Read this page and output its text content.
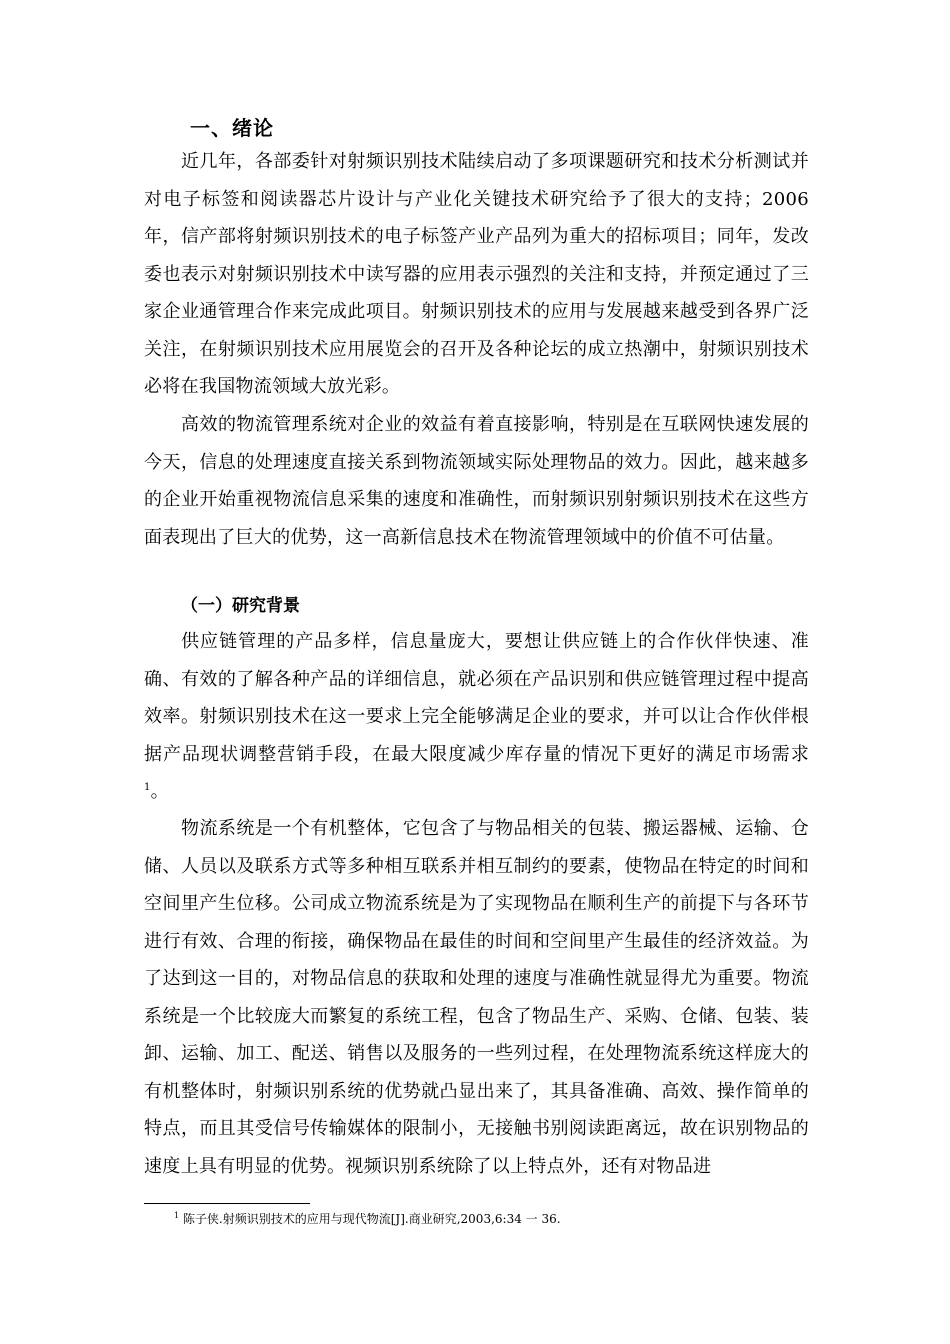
一、绪论
近几年，各部委针对射频识别技术陆续启动了多项课题研究和技术分析测试并对电子标签和阅读器芯片设计与产业化关键技术研究给予了很大的支持；2006年，信产部将射频识别技术的电子标签产业产品列为重大的招标项目；同年，发改委也表示对射频识别技术中读写器的应用表示强烈的关注和支持，并预定通过了三家企业通管理合作来完成此项目。射频识别技术的应用与发展越来越受到各界广泛关注，在射频识别技术应用展览会的召开及各种论坛的成立热潮中，射频识别技术必将在我国物流领域大放光彩。
高效的物流管理系统对企业的效益有着直接影响，特别是在互联网快速发展的今天，信息的处理速度直接关系到物流领域实际处理物品的效力。因此，越来越多的企业开始重视物流信息采集的速度和准确性，而射频识别射频识别技术在这些方面表现出了巨大的优势，这一高新信息技术在物流管理领域中的价值不可估量。
（一）研究背景
供应链管理的产品多样，信息量庞大，要想让供应链上的合作伙伴快速、准确、有效的了解各种产品的详细信息，就必须在产品识别和供应链管理过程中提高效率。射频识别技术在这一要求上完全能够满足企业的要求，并可以让合作伙伴根据产品现状调整营销手段，在最大限度减少库存量的情况下更好的满足市场需求$^1$。
物流系统是一个有机整体，它包含了与物品相关的包装、搬运器械、运输、仓储、人员以及联系方式等多种相互联系并相互制约的要素，使物品在特定的时间和空间里产生位移。公司成立物流系统是为了实现物品在顺利生产的前提下与各环节进行有效、合理的衔接，确保物品在最佳的时间和空间里产生最佳的经济效益。为了达到这一目的，对物品信息的获取和处理的速度与准确性就显得尤为重要。物流系统是一个比较庞大而繁复的系统工程，包含了物品生产、采购、仓储、包装、装卸、运输、加工、配送、销售以及服务的一些列过程，在处理物流系统这样庞大的有机整体时，射频识别系统的优势就凸显出来了，其具备准确、高效、操作简单的特点，而且其受信号传输媒体的限制小，无接触书别阅读距离远，故在识别物品的速度上具有明显的优势。视频识别系统除了以上特点外，还有对物品进
$^1$ 陈子侠.射频识别技术的应用与现代物流[J].商业研究,2003,6:34 一 36.
